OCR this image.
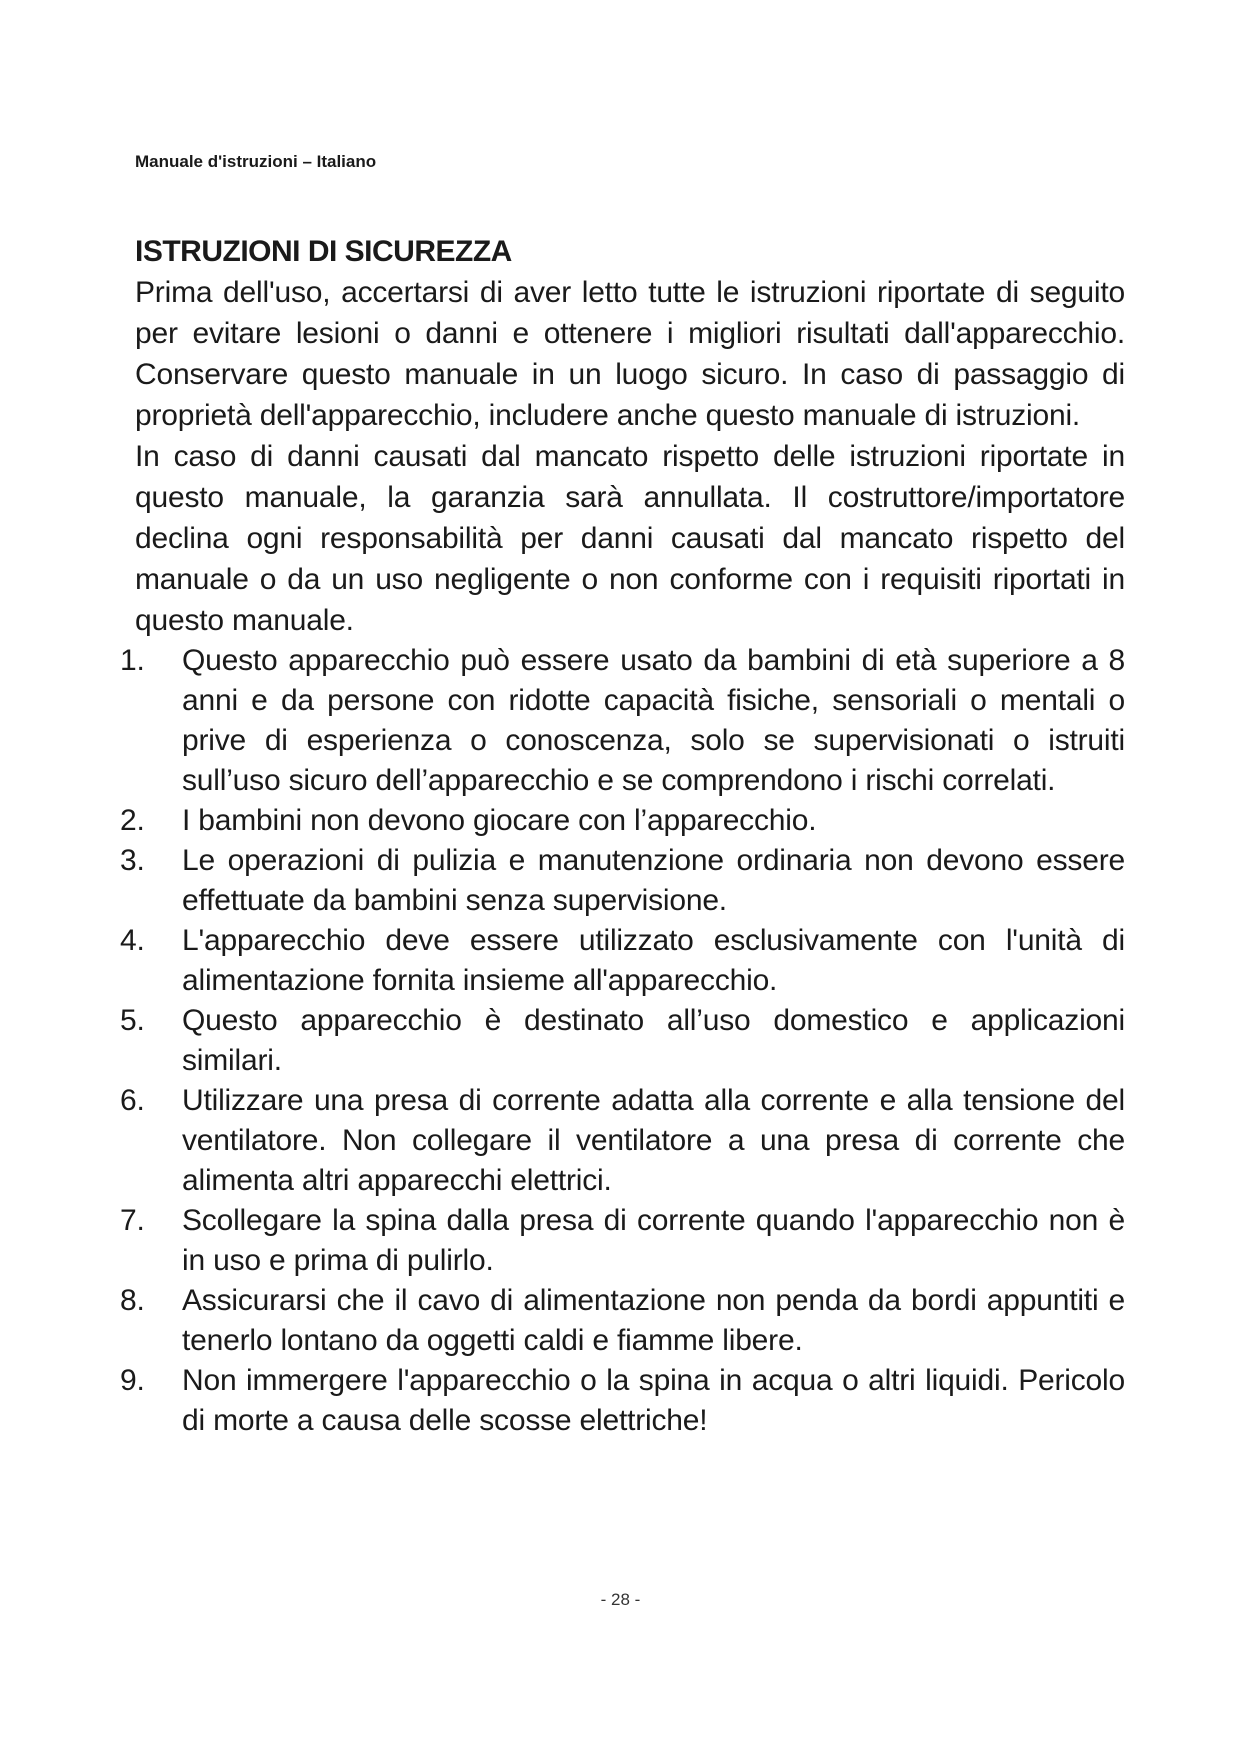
Manuale d'istruzioni – Italiano
ISTRUZIONI DI SICUREZZA

Prima dell'uso, accertarsi di aver letto tutte le istruzioni riportate di seguito per evitare lesioni o danni e ottenere i migliori risultati dall'apparecchio. Conservare questo manuale in un luogo sicuro. In caso di passaggio di proprietà dell'apparecchio, includere anche questo manuale di istruzioni.

In caso di danni causati dal mancato rispetto delle istruzioni riportate in questo manuale, la garanzia sarà annullata. Il costruttore/importatore declina ogni responsabilità per danni causati dal mancato rispetto del manuale o da un uso negligente o non conforme con i requisiti riportati in questo manuale.

1.	Questo apparecchio può essere usato da bambini di età superiore a 8 anni e da persone con ridotte capacità fisiche, sensoriali o mentali o prive di esperienza o conoscenza, solo se supervisionati o istruiti sull’uso sicuro dell’apparecchio e se comprendono i rischi correlati.
2.	I bambini non devono giocare con l’apparecchio.
3.	Le operazioni di pulizia e manutenzione ordinaria non devono essere effettuate da bambini senza supervisione.
4.	L'apparecchio deve essere utilizzato esclusivamente con l'unità di alimentazione fornita insieme all'apparecchio.
5.	Questo apparecchio è destinato all’uso domestico e applicazioni similari.
6.	Utilizzare una presa di corrente adatta alla corrente e alla tensione del ventilatore. Non collegare il ventilatore a una presa di corrente che alimenta altri apparecchi elettrici.
7.	Scollegare la spina dalla presa di corrente quando l'apparecchio non è in uso e prima di pulirlo.
8.	Assicurarsi che il cavo di alimentazione non penda da bordi appuntiti e tenerlo lontano da oggetti caldi e fiamme libere.
9.	Non immergere l'apparecchio o la spina in acqua o altri liquidi. Pericolo di morte a causa delle scosse elettriche!
- 28 -
